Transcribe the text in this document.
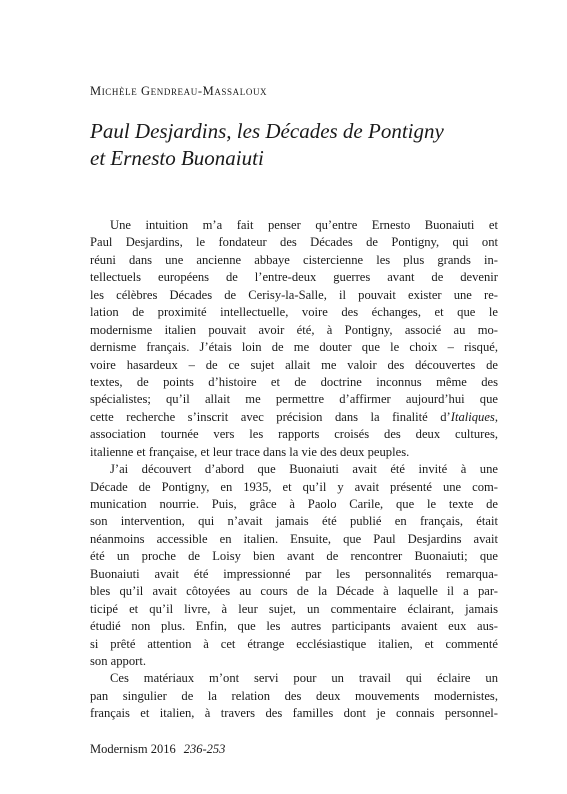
Michèle Gendreau-Massaloux
Paul Desjardins, les Décades de Pontigny
et Ernesto Buonaiuti
Une intuition m’a fait penser qu’entre Ernesto Buonaiuti et
Paul Desjardins, le fondateur des Décades de Pontigny, qui ont
réuni dans une ancienne abbaye cistercienne les plus grands in-
tellectuels européens de l’entre-deux guerres avant de devenir
les célèbres Décades de Cerisy-la-Salle, il pouvait exister une re-
lation de proximité intellectuelle, voire des échanges, et que le
modernisme italien pouvait avoir été, à Pontigny, associé au mo-
dernisme français. J’étais loin de me douter que le choix – risqué,
voire hasardeux – de ce sujet allait me valoir des découvertes de
textes, de points d’histoire et de doctrine inconnus même des
spécialistes; qu’il allait me permettre d’affirmer aujourd’hui que
cette recherche s’inscrit avec précision dans la finalité d’Italiques,
association tournée vers les rapports croisés des deux cultures,
italienne et française, et leur trace dans la vie des deux peuples.
J’ai découvert d’abord que Buonaiuti avait été invité à une
Décade de Pontigny, en 1935, et qu’il y avait présenté une com-
munication nourrie. Puis, grâce à Paolo Carile, que le texte de
son intervention, qui n’avait jamais été publié en français, était
néanmoins accessible en italien. Ensuite, que Paul Desjardins avait
été un proche de Loisy bien avant de rencontrer Buonaiuti; que
Buonaiuti avait été impressionné par les personnalités remarqua-
bles qu’il avait côtoyées au cours de la Décade à laquelle il a par-
ticipé et qu’il livre, à leur sujet, un commentaire éclairant, jamais
étudié non plus. Enfin, que les autres participants avaient eux aus-
si prêté attention à cet étrange ecclésiastique italien, et commenté
son apport.
Ces matériaux m’ont servi pour un travail qui éclaire un
pan singulier de la relation des deux mouvements modernistes,
français et italien, à travers des familles dont je connais personnel-
Modernism 2016 236-253
